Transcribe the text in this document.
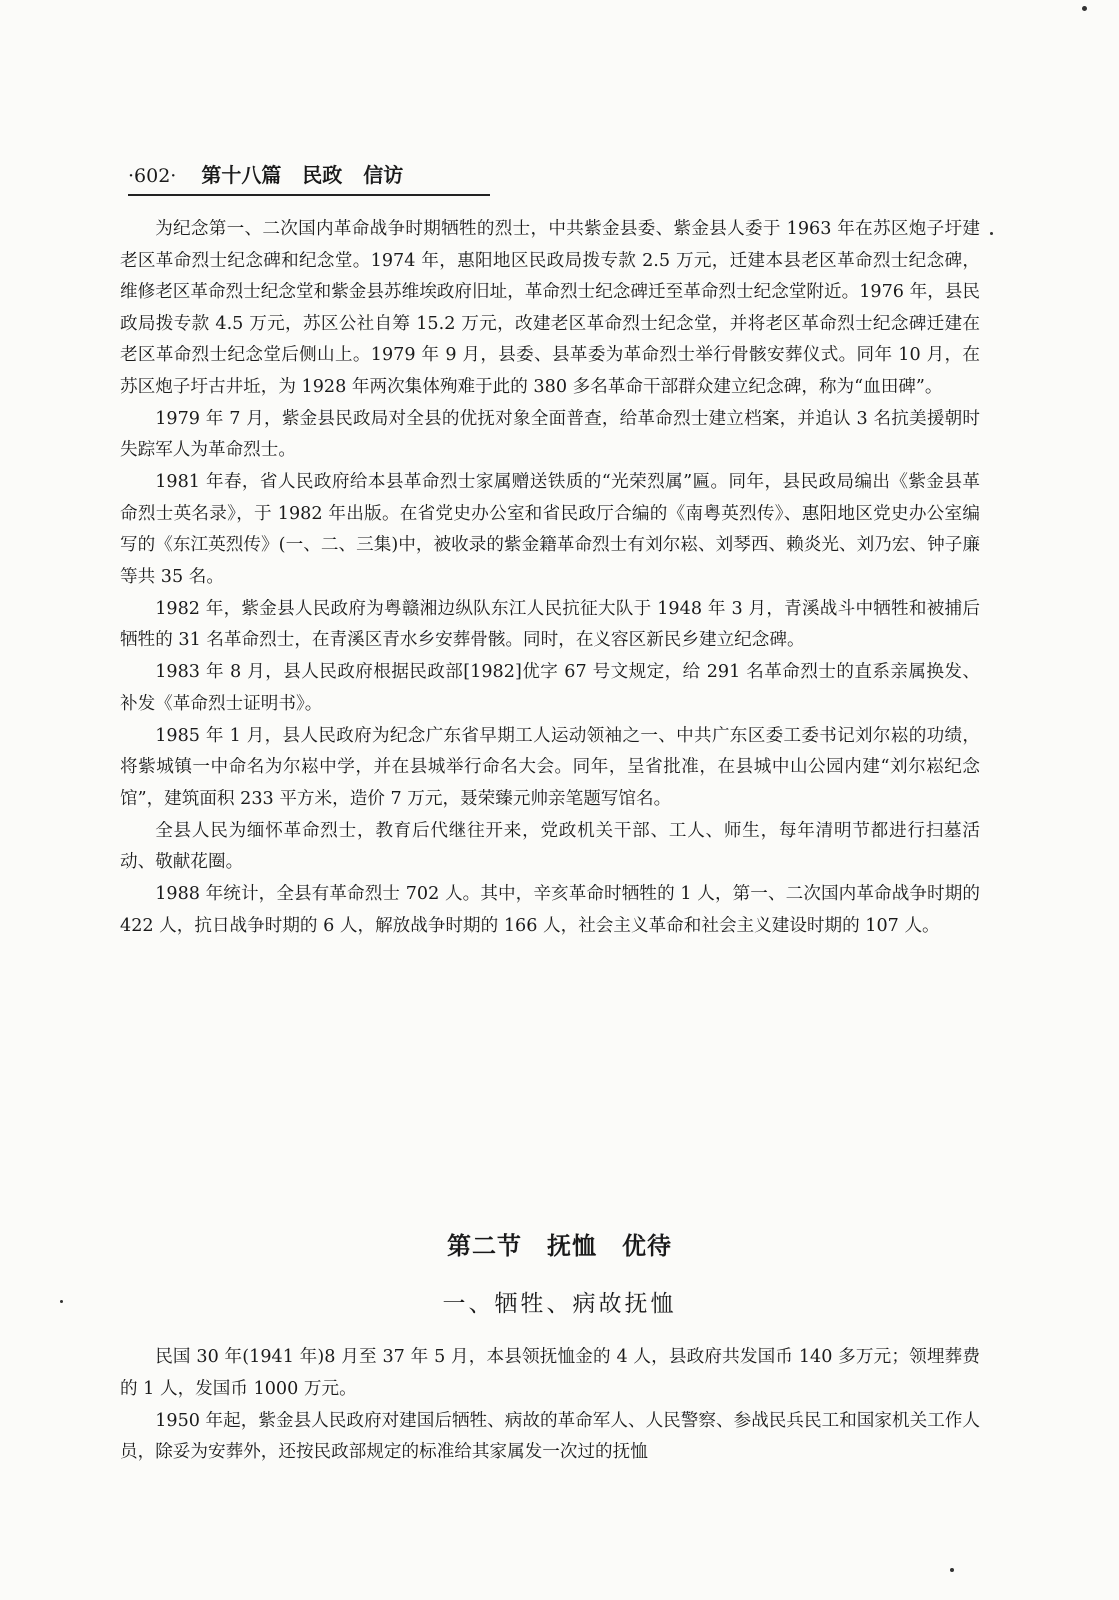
·602· 第十八篇 民政 信访

为纪念第一、二次国内革命战争时期牺牲的烈士，中共紫金县委、紫金县人委于 1963 年在苏区炮子圩建老区革命烈士纪念碑和纪念堂。1974 年，惠阳地区民政局拨专款 2.5 万元，迁建本县老区革命烈士纪念碑，维修老区革命烈士纪念堂和紫金县苏维埃政府旧址，革命烈士纪念碑迁至革命烈士纪念堂附近。1976 年，县民政局拨专款 4.5 万元，苏区公社自筹 15.2 万元，改建老区革命烈士纪念堂，并将老区革命烈士纪念碑迁建在老区革命烈士纪念堂后侧山上。1979 年 9 月，县委、县革委为革命烈士举行骨骸安葬仪式。同年 10 月，在苏区炮子圩古井坵，为 1928 年两次集体殉难于此的 380 多名革命干部群众建立纪念碑，称为“血田碑”。

1979 年 7 月，紫金县民政局对全县的优抚对象全面普查，给革命烈士建立档案，并追认 3 名抗美援朝时失踪军人为革命烈士。

1981 年春，省人民政府给本县革命烈士家属赠送铁质的“光荣烈属”匾。同年，县民政局编出《紫金县革命烈士英名录》，于 1982 年出版。在省党史办公室和省民政厅合编的《南粤英烈传》、惠阳地区党史办公室编写的《东江英烈传》(一、二、三集)中，被收录的紫金籍革命烈士有刘尔崧、刘琴西、赖炎光、刘乃宏、钟子廉等共 35 名。

1982 年，紫金县人民政府为粤赣湘边纵队东江人民抗征大队于 1948 年 3 月，青溪战斗中牺牲和被捕后牺牲的 31 名革命烈士，在青溪区青水乡安葬骨骸。同时，在义容区新民乡建立纪念碑。

1983 年 8 月，县人民政府根据民政部[1982]优字 67 号文规定，给 291 名革命烈士的直系亲属换发、补发《革命烈士证明书》。

1985 年 1 月，县人民政府为纪念广东省早期工人运动领袖之一、中共广东区委工委书记刘尔崧的功绩，将紫城镇一中命名为尔崧中学，并在县城举行命名大会。同年，呈省批准，在县城中山公园内建“刘尔崧纪念馆”，建筑面积 233 平方米，造价 7 万元，聂荣臻元帅亲笔题写馆名。

全县人民为缅怀革命烈士，教育后代继往开来，党政机关干部、工人、师生，每年清明节都进行扫墓活动、敬献花圈。

1988 年统计，全县有革命烈士 702 人。其中，辛亥革命时牺牲的 1 人，第一、二次国内革命战争时期的 422 人，抗日战争时期的 6 人，解放战争时期的 166 人，社会主义革命和社会主义建设时期的 107 人。

第二节　抚恤　优待
一、牺牲、病故抚恤

民国 30 年(1941 年)8 月至 37 年 5 月，本县领抚恤金的 4 人，县政府共发国币 140 多万元；领埋葬费的 1 人，发国币 1000 万元。

1950 年起，紫金县人民政府对建国后牺牲、病故的革命军人、人民警察、参战民兵民工和国家机关工作人员，除妥为安葬外，还按民政部规定的标准给其家属发一次过的抚恤
